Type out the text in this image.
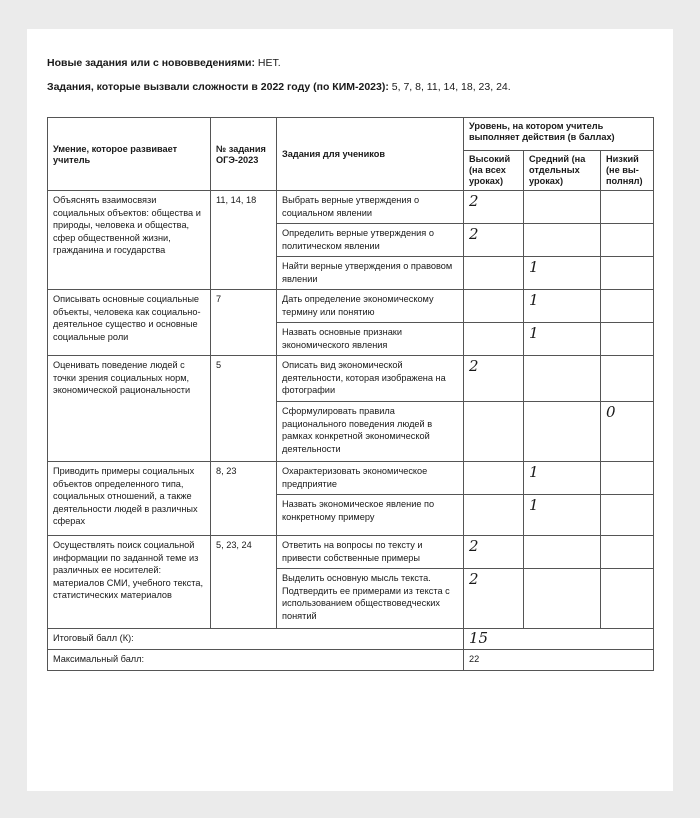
Новые задания или с нововведениями: НЕТ.
Задания, которые вызвали сложности в 2022 году (по КИМ-2023): 5, 7, 8, 11, 14, 18, 23, 24.
Умение, которое развивает учитель	№ задания ОГЭ-2023	Задания для учеников	Уровень, на котором учитель выполняет действия (в баллах)		
			Высокий (на всех уроках)	Средний (на отдельных уроках)	Низкий (не вы- полнял)
Объяснять взаимосвязи социальных объектов: общества и природы, человека и общества, сфер общественной жизни, гражданина и государства	11, 14, 18	Выбрать верные утверждения о социальном явлении	2		
		Определить верные утверждения о политическом явлении	2		
		Найти верные утверждения о правовом явлении		1	
Описывать основные социальные объекты, человека как социально-деятельное существо и основные социальные роли	7	Дать определение экономическому термину или понятию		1	
		Назвать основные признаки экономического явления		1	
Оценивать поведение людей с точки зрения социальных норм, экономической рациональности	5	Описать вид экономической деятельности, которая изображена на фотографии	2		
		Сформулировать правила рационального поведения людей в рамках конкретной экономической деятельности			0
Приводить примеры социальных объектов определенного типа, социальных отношений, а также деятельности людей в различных сферах	8, 23	Охарактеризовать экономическое предприятие		1	
		Назвать экономическое явление по конкретному примеру		1	
Осуществлять поиск социальной информации по заданной теме из различных ее носителей: материалов СМИ, учебного текста, статистических материалов	5, 23, 24	Ответить на вопросы по тексту и привести собственные примеры	2		
		Выделить основную мысль текста. Подтвердить ее примерами из текста с использованием обществоведческих понятий	2		
Итоговый балл (К):			15		
Максимальный балл:			22		
